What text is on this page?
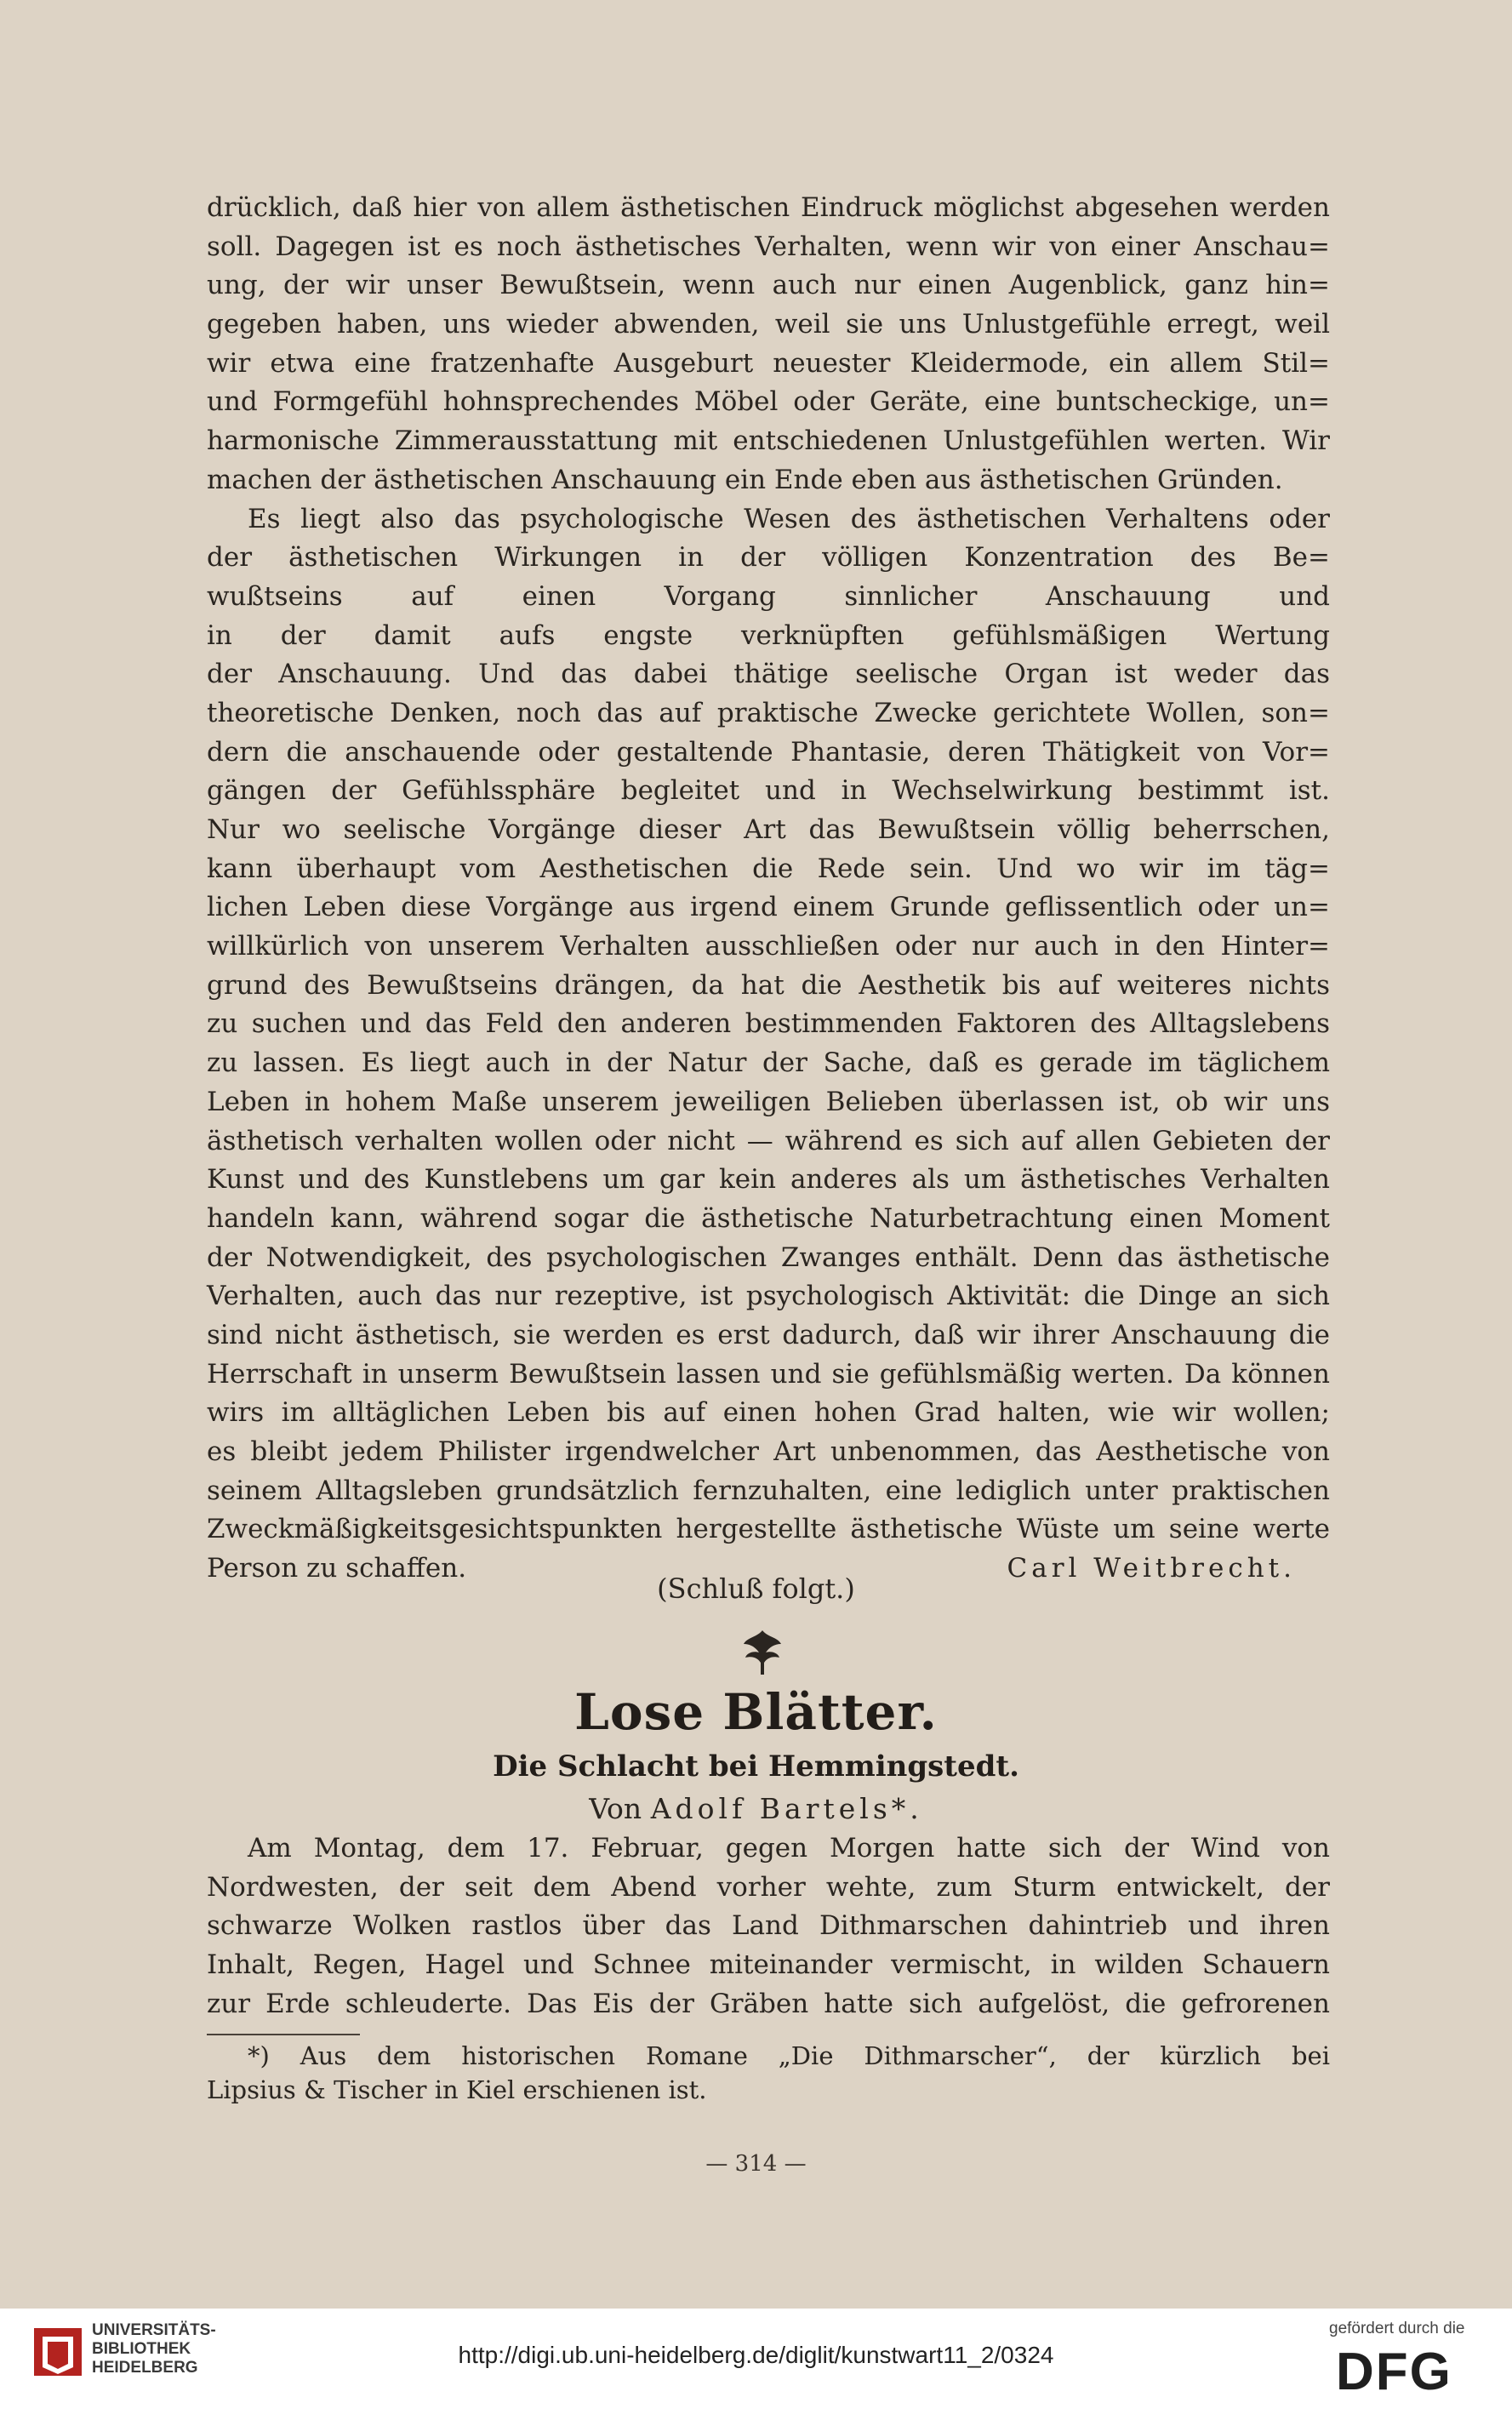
drücklich, daß hier von allem ästhetischen Eindruck möglichst abgesehen werden
soll. Dagegen ist es noch ästhetisches Verhalten, wenn wir von einer Anschau=
ung, der wir unser Bewußtsein, wenn auch nur einen Augenblick, ganz hin=
gegeben haben, uns wieder abwenden, weil sie uns Unlustgefühle erregt, weil
wir etwa eine fratzenhafte Ausgeburt neuester Kleidermode, ein allem Stil=
und Formgefühl hohnsprechendes Möbel oder Geräte, eine buntscheckige, un=
harmonische Zimmerausstattung mit entschiedenen Unlustgefühlen werten. Wir
machen der ästhetischen Anschauung ein Ende eben aus ästhetischen Gründen.
Es liegt also das psychologische Wesen des ästhetischen Verhaltens oder
der ästhetischen Wirkungen in der völligen Konzentration des Be=
wußtseins auf einen Vorgang sinnlicher Anschauung und
in der damit aufs engste verknüpften gefühlsmäßigen Wertung
der Anschauung. Und das dabei thätige seelische Organ ist weder das
theoretische Denken, noch das auf praktische Zwecke gerichtete Wollen, son=
dern die anschauende oder gestaltende Phantasie, deren Thätigkeit von Vor=
gängen der Gefühlssphäre begleitet und in Wechselwirkung bestimmt ist.
Nur wo seelische Vorgänge dieser Art das Bewußtsein völlig beherrschen,
kann überhaupt vom Aesthetischen die Rede sein. Und wo wir im täg=
lichen Leben diese Vorgänge aus irgend einem Grunde geflissentlich oder un=
willkürlich von unserem Verhalten ausschließen oder nur auch in den Hinter=
grund des Bewußtseins drängen, da hat die Aesthetik bis auf weiteres nichts
zu suchen und das Feld den anderen bestimmenden Faktoren des Alltagslebens
zu lassen. Es liegt auch in der Natur der Sache, daß es gerade im täglichem
Leben in hohem Maße unserem jeweiligen Belieben überlassen ist, ob wir uns
ästhetisch verhalten wollen oder nicht — während es sich auf allen Gebieten der
Kunst und des Kunstlebens um gar kein anderes als um ästhetisches Verhalten
handeln kann, während sogar die ästhetische Naturbetrachtung einen Moment
der Notwendigkeit, des psychologischen Zwanges enthält. Denn das ästhetische
Verhalten, auch das nur rezeptive, ist psychologisch Aktivität: die Dinge an sich
sind nicht ästhetisch, sie werden es erst dadurch, daß wir ihrer Anschauung die
Herrschaft in unserm Bewußtsein lassen und sie gefühlsmäßig werten. Da können
wirs im alltäglichen Leben bis auf einen hohen Grad halten, wie wir wollen;
es bleibt jedem Philister irgendwelcher Art unbenommen, das Aesthetische von
seinem Alltagsleben grundsätzlich fernzuhalten, eine lediglich unter praktischen
Zweckmäßigkeitsgesichtspunkten hergestellte ästhetische Wüste um seine werte
Person zu schaffen.	Carl Weitbrecht.
(Schluß folgt.)
Lose Blätter.
Die Schlacht bei Hemmingstedt.
Von Adolf Bartels*.
Am Montag, dem 17. Februar, gegen Morgen hatte sich der Wind von
Nordwesten, der seit dem Abend vorher wehte, zum Sturm entwickelt, der
schwarze Wolken rastlos über das Land Dithmarschen dahintrieb und ihren
Inhalt, Regen, Hagel und Schnee miteinander vermischt, in wilden Schauern
zur Erde schleuderte. Das Eis der Gräben hatte sich aufgelöst, die gefrorenen
*) Aus dem historischen Romane „Die Dithmarscher“, der kürzlich bei
Lipsius & Tischer in Kiel erschienen ist.
— 314 —
UNIVERSITÄTS-
BIBLIOTHEK
HEIDELBERG	http://digi.ub.uni-heidelberg.de/diglit/kunstwart11_2/0324
gefördert durch die
DFG
